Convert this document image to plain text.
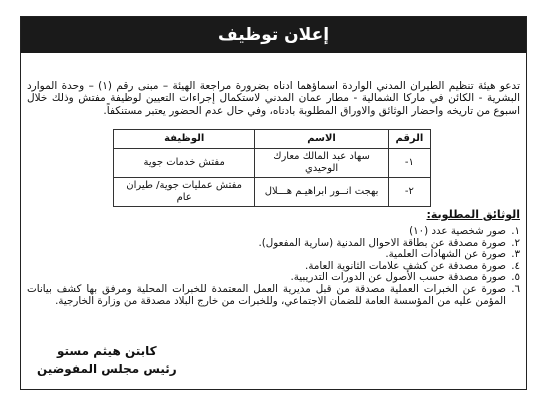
إعلان توظيف

تدعو هيئة تنظيم الطيران المدني الواردة اسماؤهما ادناه بضرورة مراجعة الهيئة – مبنى رقم (١) – وحدة الموارد البشرية - الكائن في ماركا الشمالية - مطار عمان المدني لاستكمال إجراءات التعيين لوظيفة مفتش وذلك خلال اسبوع من تاريخه واحضار الوثائق والاوراق المطلوبة بادناه، وفي حال عدم الحضور يعتبر مستنكفاً.

الرقم	الاسم	الوظيفة
١-	سهاد عبد المالك معارك الوحيدي	مفتش خدمات جوية
٢-	بهجت انــور ابراهيـم هـــلال	مفتش عمليات جوية/ طيران عام
الوثائق المطلوبة:
١.
صور شخصية عدد (١٠)
٢.
صورة مصدقة عن بطاقة الاحوال المدنية (سارية المفعول).
٣.
صورة عن الشهادات العلمية.
٤.
صورة مصدقة عن كشف علامات الثانوية العامة.
٥.
صورة مصدقة حسب الأصول عن الدورات التدريبية.
٦.
صورة عن الخبرات العملية مصدقة من قبل مديرية العمل المعتمدة للخبرات المحلية ومرفق بها كشف بيانات المؤمن عليه من المؤسسة العامة للضمان الاجتماعي، وللخبرات من خارج البلاد مصدقة من وزارة الخارجية.
كابتن هيثم مستو
رئيس مجلس المفوضين
